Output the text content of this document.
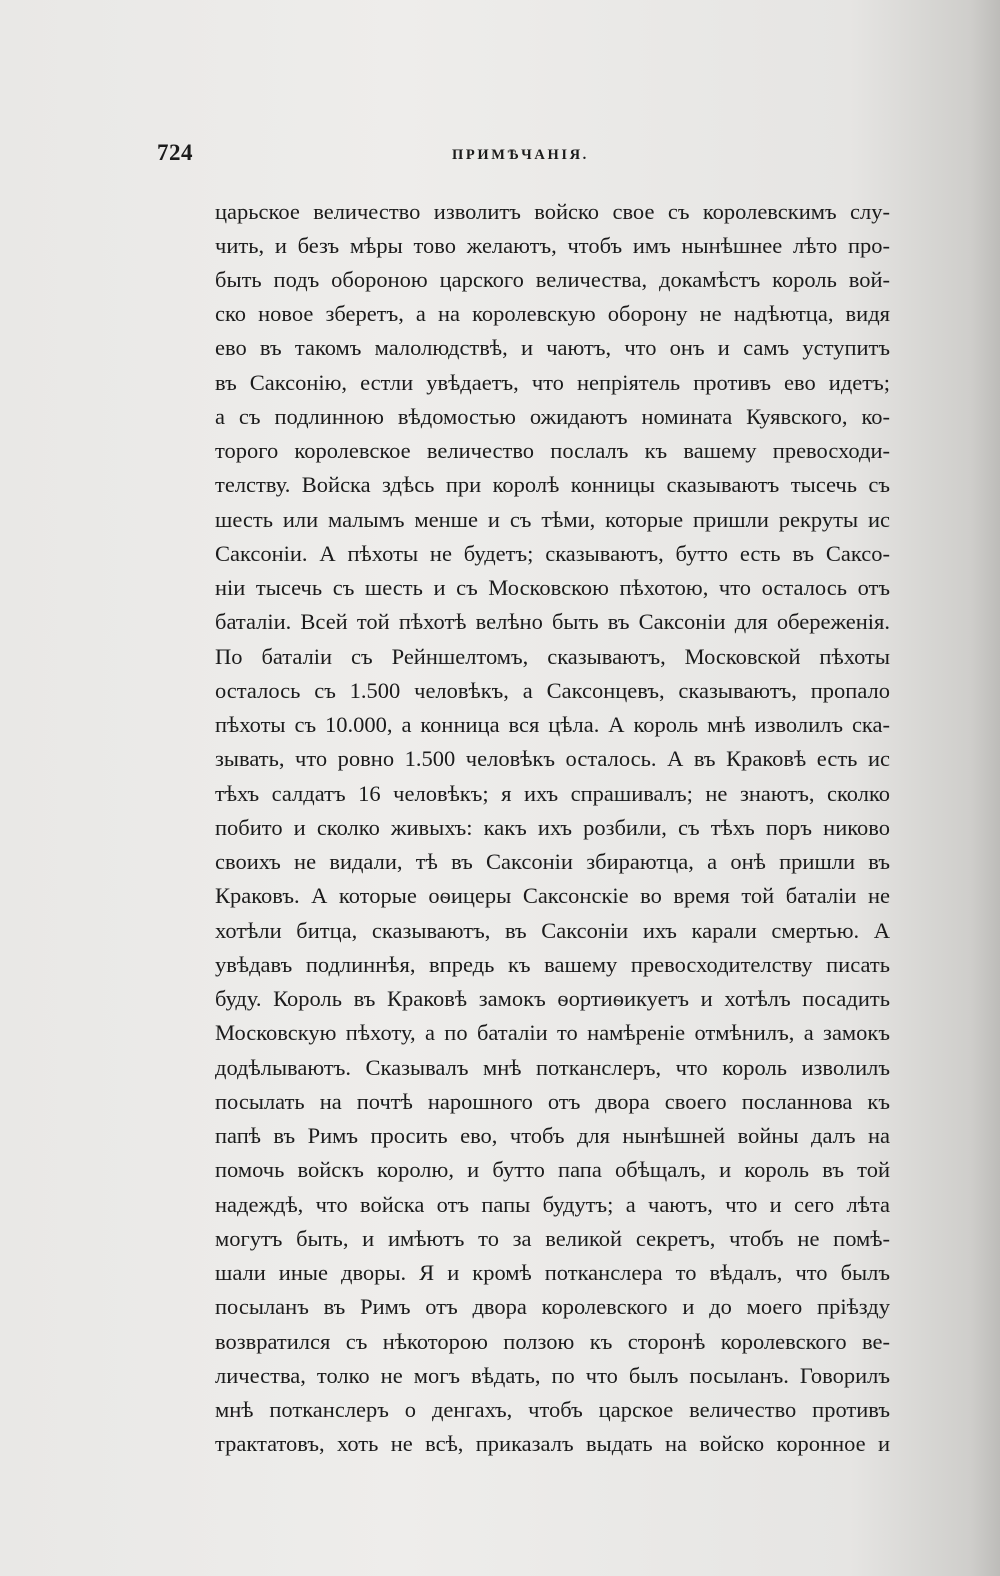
724	ПРИМѢЧАНІЯ.
царьское величество изволитъ войско свое съ королевскимъ слу-
чить, и безъ мѣры тово желаютъ, чтобъ имъ нынѣшнее лѣто про-
быть подъ обороною царского величества, докамѣстъ король вой-
ско новое зберетъ, а на королевскую оборону не надѣютца, видя
ево въ такомъ малолюдствѣ, и чаютъ, что онъ и самъ уступитъ
въ Саксонію, естли увѣдаетъ, что непріятель противъ ево идетъ;
а съ подлинною вѣдомостью ожидаютъ номината Куявского, ко-
торого королевское величество послалъ къ вашему превосходи-
телству. Войска здѣсь при королѣ конницы сказываютъ тысечь съ
шесть или малымъ менше и съ тѣми, которые пришли рекруты ис
Саксоніи. А пѣхоты не будетъ; сказываютъ, бутто есть въ Саксо-
ніи тысечь съ шесть и съ Московскою пѣхотою, что осталось отъ
баталіи. Всей той пѣхотѣ велѣно быть въ Саксоніи для обереженія.
По баталіи съ Рейншелтомъ, сказываютъ, Московской пѣхоты
осталось съ 1.500 человѣкъ, а Саксонцевъ, сказываютъ, пропало
пѣхоты съ 10.000, а конница вся цѣла. А король мнѣ изволилъ ска-
зывать, что ровно 1.500 человѣкъ осталось. А въ Краковѣ есть ис
тѣхъ салдатъ 16 человѣкъ; я ихъ спрашивалъ; не знаютъ, сколко
побито и сколко живыхъ: какъ ихъ розбили, съ тѣхъ поръ никово
своихъ не видали, тѣ въ Саксоніи збираютца, а онѣ пришли въ
Краковъ. А которые оѳицеры Саксонскіе во время той баталіи не
хотѣли битца, сказываютъ, въ Саксоніи ихъ карали смертью. А
увѣдавъ подлиннѣя, впредь къ вашему превосходителству писать
буду. Король въ Краковѣ замокъ ѳортиѳикуетъ и хотѣлъ посадить
Московскую пѣхоту, а по баталіи то намѣреніе отмѣнилъ, а замокъ
додѣлываютъ. Сказывалъ мнѣ потканслеръ, что король изволилъ
посылать на почтѣ нарошного отъ двора своего посланнова къ
папѣ въ Римъ просить ево, чтобъ для нынѣшней войны далъ на
помочь войскъ королю, и бутто папа обѣщалъ, и король въ той
надеждѣ, что войска отъ папы будутъ; а чаютъ, что и сего лѣта
могутъ быть, и имѣютъ то за великой секретъ, чтобъ не помѣ-
шали иные дворы. Я и кромѣ потканслера то вѣдалъ, что былъ
посыланъ въ Римъ отъ двора королевского и до моего пріѣзду
возвратился съ нѣкоторою ползою къ сторонѣ королевского ве-
личества, толко не могъ вѣдать, по что былъ посыланъ. Говорилъ
мнѣ потканслеръ о денгахъ, чтобъ царское величество противъ
трактатовъ, хоть не всѣ, приказалъ выдать на войско коронное и
